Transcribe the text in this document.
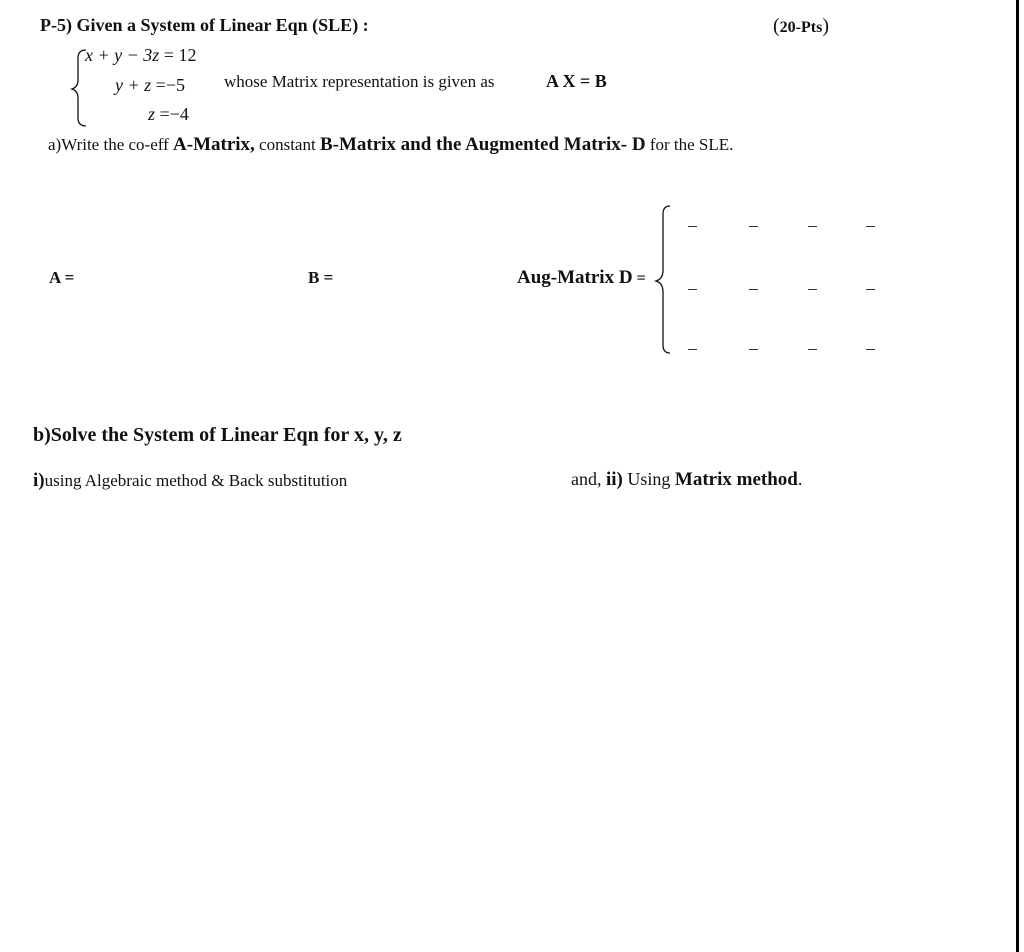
P-5) Given a System of Linear Eqn (SLE) :	(20-Pts)
x + y − 3z = 12
y + z =−5
z =−4
whose Matrix representation is given as	A X = B
a)Write the co-eff A-Matrix, constant B-Matrix and the Augmented Matrix- D for the SLE.
A =	B =	Aug-Matrix D =
b)Solve the System of Linear Eqn for x, y, z
i)using Algebraic method & Back substitution	and, ii) Using Matrix method.
